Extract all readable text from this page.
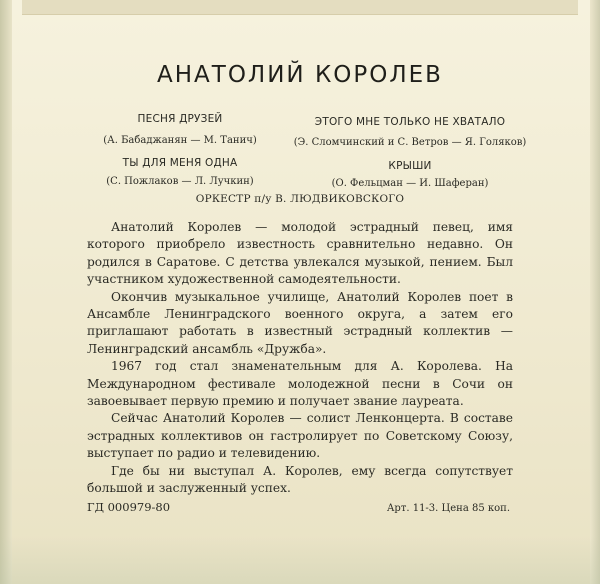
АНАТОЛИЙ КОРОЛЕВ
ПЕСНЯ ДРУЗЕЙ
(А. Бабаджанян — М. Танич)
ЭТОГО МНЕ ТОЛЬКО НЕ ХВАТАЛО
(Э. Сломчинский и С. Ветров — Я. Голяков)
ТЫ ДЛЯ МЕНЯ ОДНА
(С. Пожлаков — Л. Лучкин)
КРЫШИ
(О. Фельцман — И. Шаферан)
ОРКЕСТР п/у В. ЛЮДВИКОВСКОГО

Анатолий Королев — молодой эстрадный певец, имя которого приобрело известность сравнительно недавно. Он родился в Саратове. С детства увлекался музыкой, пением. Был участником художественной самодеятельности.

Окончив музыкальное училище, Анатолий Королев поет в Ансамбле Ленинградского военного округа, а затем его приглашают работать в известный эстрадный коллектив — Ленинградский ансамбль «Дружба».

1967 год стал знаменательным для А. Королева. На Международном фестивале молодежной песни в Сочи он завоевывает первую премию и получает звание лауреата.

Сейчас Анатолий Королев — солист Ленконцерта. В составе эстрадных коллективов он гастролирует по Советскому Союзу, выступает по радио и телевидению.

Где бы ни выступал А. Королев, ему всегда сопутствует большой и заслуженный успех.

ГД 000979-80	Арт. 11-3. Цена 85 коп.
